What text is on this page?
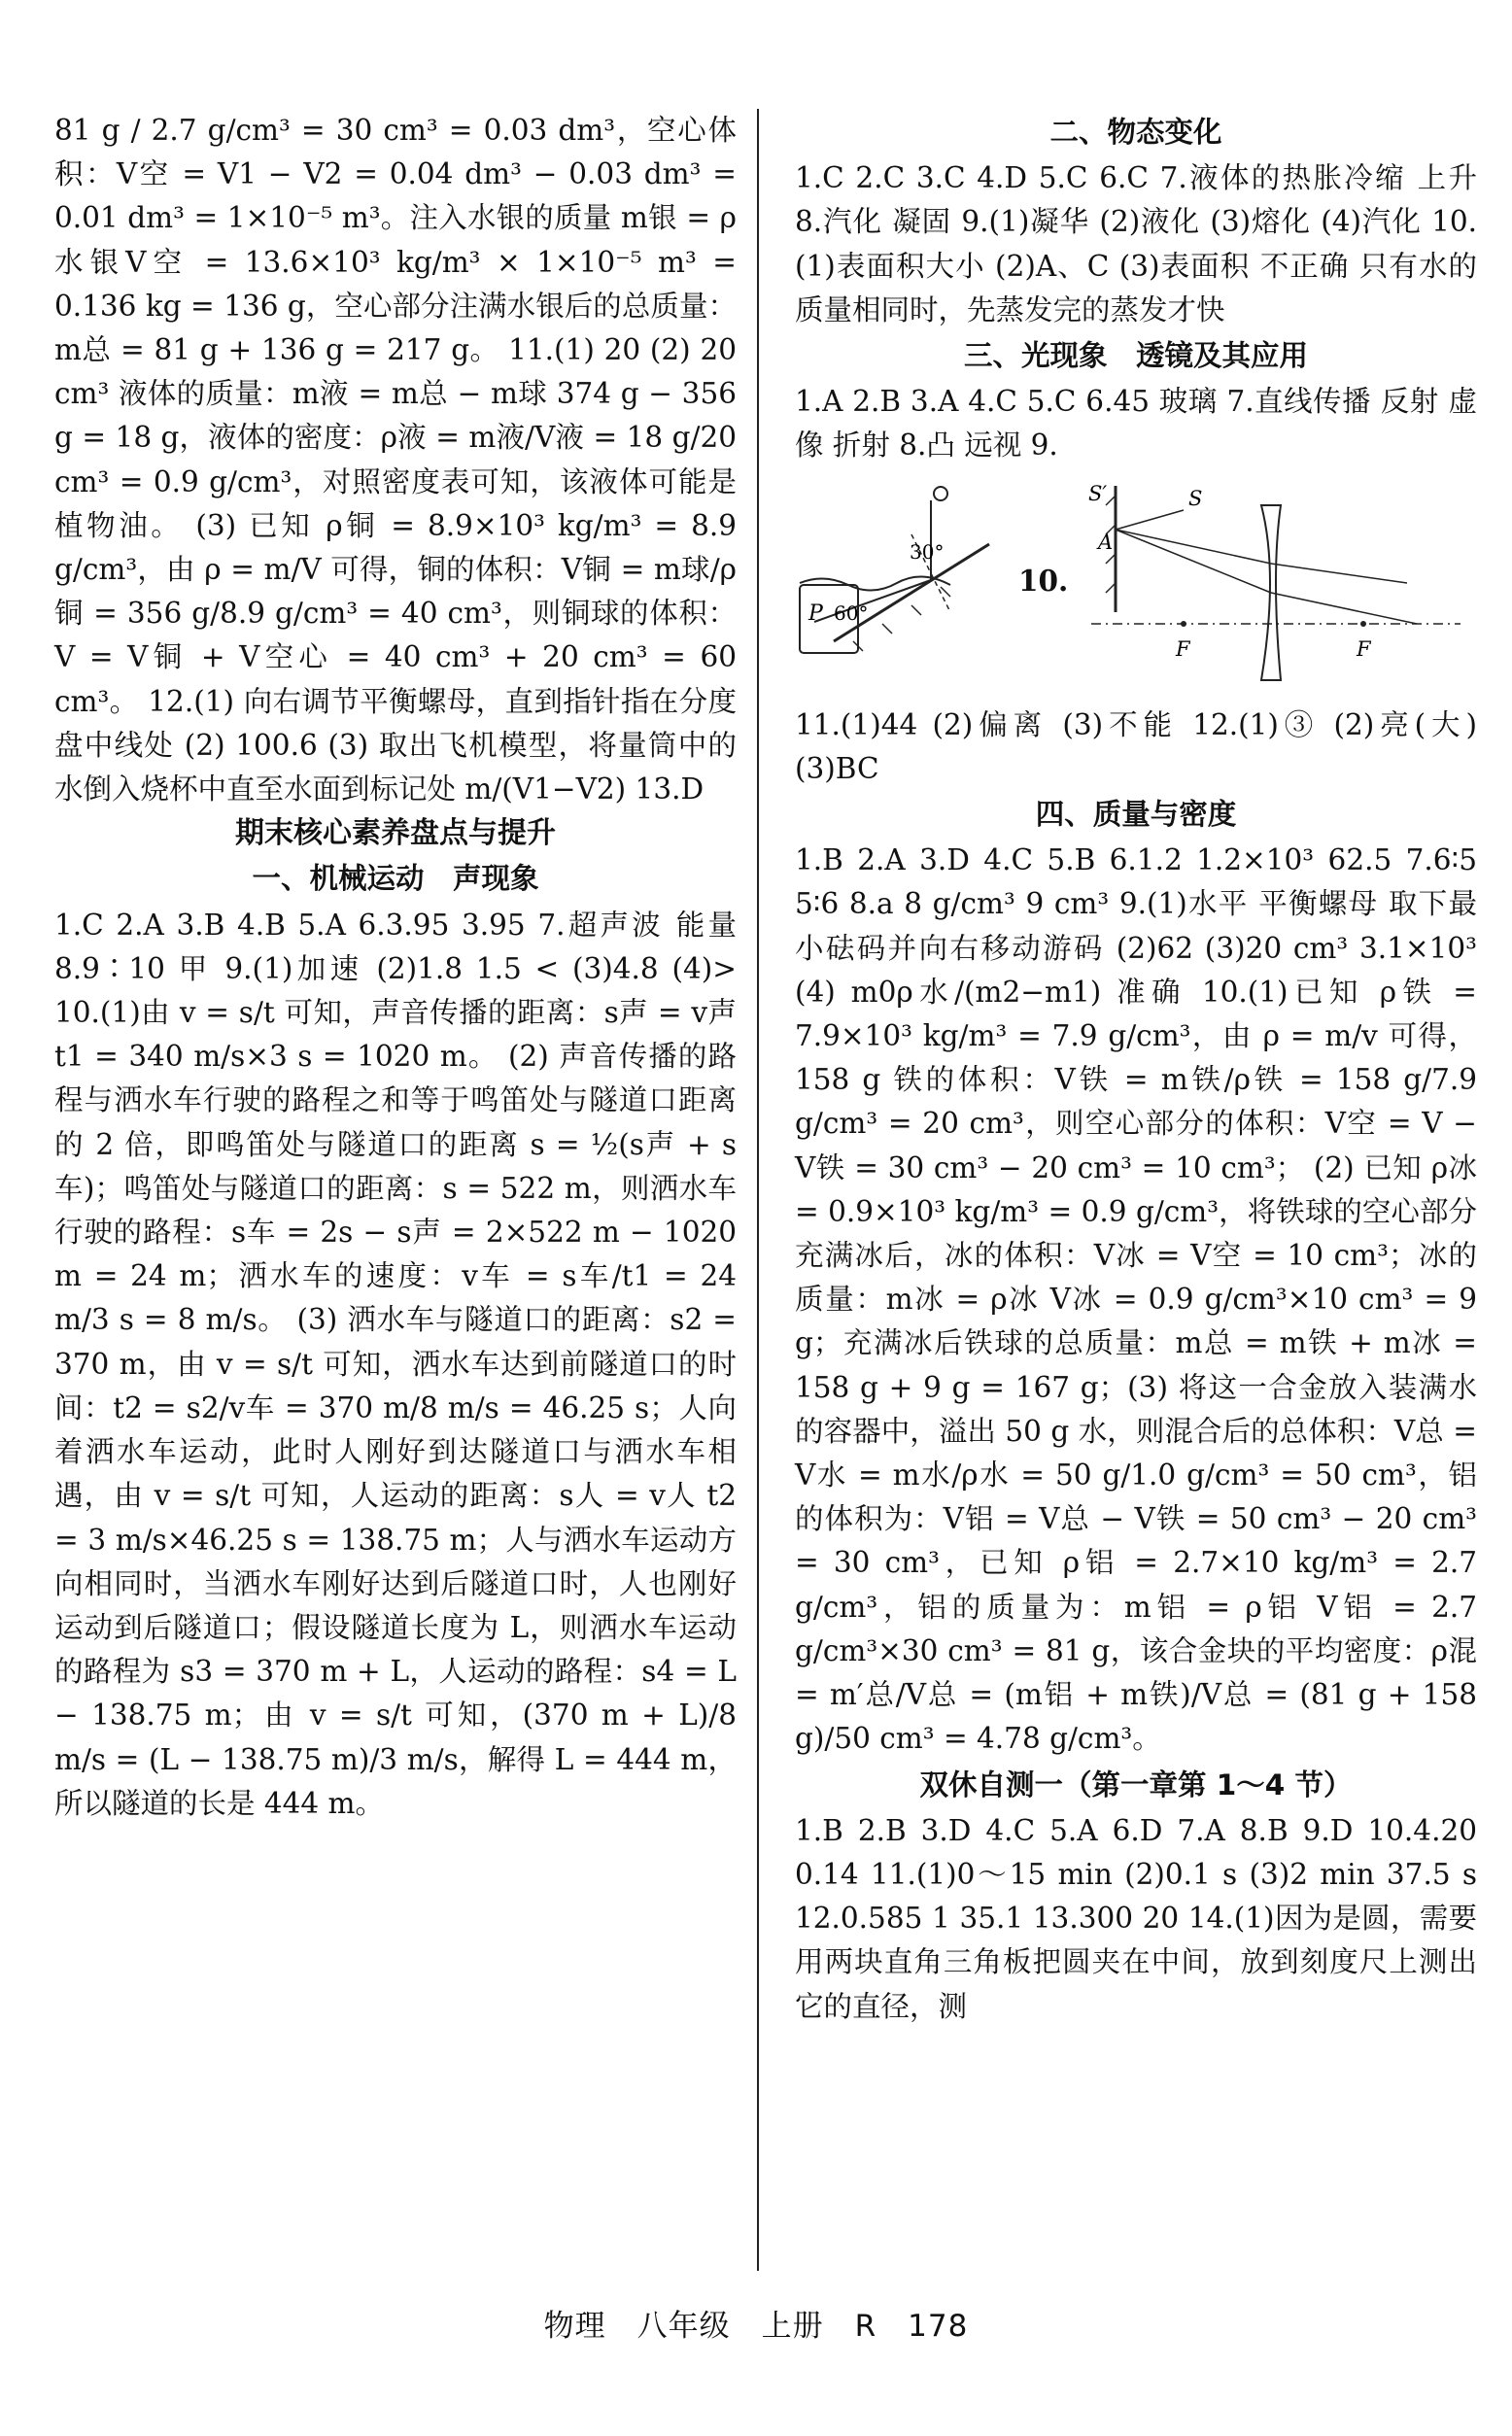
81 g / 2.7 g/cm³ = 30 cm³ = 0.03 dm³，空心体积：V空 = V1 − V2 = 0.04 dm³ − 0.03 dm³ = 0.01 dm³ = 1×10⁻⁵ m³。注入水银的质量 m银 = ρ水银V空 = 13.6×10³ kg/m³ × 1×10⁻⁵ m³ = 0.136 kg = 136 g，空心部分注满水银后的总质量：m总 = 81 g + 136 g = 217 g。 11.(1) 20 (2) 20 cm³ 液体的质量：m液 = m总 − m球 374 g − 356 g = 18 g，液体的密度：ρ液 = m液/V液 = 18 g/20 cm³ = 0.9 g/cm³，对照密度表可知，该液体可能是植物油。 (3) 已知 ρ铜 = 8.9×10³ kg/m³ = 8.9 g/cm³，由 ρ = m/V 可得，铜的体积：V铜 = m球/ρ铜 = 356 g/8.9 g/cm³ = 40 cm³，则铜球的体积：V = V铜 + V空心 = 40 cm³ + 20 cm³ = 60 cm³。 12.(1) 向右调节平衡螺母，直到指针指在分度盘中线处 (2) 100.6 (3) 取出飞机模型，将量筒中的水倒入烧杯中直至水面到标记处 m/(V1−V2) 13.D

期末核心素养盘点与提升
一、机械运动　声现象

1.C 2.A 3.B 4.B 5.A 6.3.95 3.95 7.超声波 能量 8.9∶10 甲 9.(1)加速 (2)1.8 1.5 < (3)4.8 (4)> 10.(1)由 v = s/t 可知，声音传播的距离：s声 = v声 t1 = 340 m/s×3 s = 1020 m。 (2) 声音传播的路程与洒水车行驶的路程之和等于鸣笛处与隧道口距离的 2 倍，即鸣笛处与隧道口的距离 s = ½(s声 + s车)；鸣笛处与隧道口的距离：s = 522 m，则洒水车行驶的路程：s车 = 2s − s声 = 2×522 m − 1020 m = 24 m；洒水车的速度：v车 = s车/t1 = 24 m/3 s = 8 m/s。 (3) 洒水车与隧道口的距离：s2 = 370 m，由 v = s/t 可知，洒水车达到前隧道口的时间：t2 = s2/v车 = 370 m/8 m/s = 46.25 s；人向着洒水车运动，此时人刚好到达隧道口与洒水车相遇，由 v = s/t 可知，人运动的距离：s人 = v人 t2 = 3 m/s×46.25 s = 138.75 m；人与洒水车运动方向相同时，当洒水车刚好达到后隧道口时，人也刚好运动到后隧道口；假设隧道长度为 L，则洒水车运动的路程为 s3 = 370 m + L，人运动的路程：s4 = L − 138.75 m；由 v = s/t 可知，(370 m + L)/8 m/s = (L − 138.75 m)/3 m/s，解得 L = 444 m，所以隧道的长是 444 m。

二、物态变化

1.C 2.C 3.C 4.D 5.C 6.C 7.液体的热胀冷缩 上升 8.汽化 凝固 9.(1)凝华 (2)液化 (3)熔化 (4)汽化 10.(1)表面积大小 (2)A、C (3)表面积 不正确 只有水的质量相同时，先蒸发完的蒸发才快

三、光现象　透镜及其应用

1.A 2.B 3.A 4.C 5.C 6.45 玻璃 7.直线传播 反射 虚像 折射 8.凸 远视 9.

P 60°
30°
10.
S′	S
A
F	F

11.(1)44 (2)偏离 (3)不能 12.(1)③ (2)亮(大) (3)BC

四、质量与密度

1.B 2.A 3.D 4.C 5.B 6.1.2 1.2×10³ 62.5 7.6∶5 5∶6 8.a 8 g/cm³ 9 cm³ 9.(1)水平 平衡螺母 取下最小砝码并向右移动游码 (2)62 (3)20 cm³ 3.1×10³ (4) m0ρ水/(m2−m1) 准确 10.(1)已知 ρ铁 = 7.9×10³ kg/m³ = 7.9 g/cm³，由 ρ = m/v 可得，158 g 铁的体积：V铁 = m铁/ρ铁 = 158 g/7.9 g/cm³ = 20 cm³，则空心部分的体积：V空 = V − V铁 = 30 cm³ − 20 cm³ = 10 cm³； (2) 已知 ρ冰 = 0.9×10³ kg/m³ = 0.9 g/cm³，将铁球的空心部分充满冰后，冰的体积：V冰 = V空 = 10 cm³；冰的质量：m冰 = ρ冰 V冰 = 0.9 g/cm³×10 cm³ = 9 g；充满冰后铁球的总质量：m总 = m铁 + m冰 = 158 g + 9 g = 167 g；(3) 将这一合金放入装满水的容器中，溢出 50 g 水，则混合后的总体积：V总 = V水 = m水/ρ水 = 50 g/1.0 g/cm³ = 50 cm³，铝的体积为：V铝 = V总 − V铁 = 50 cm³ − 20 cm³ = 30 cm³，已知 ρ铝 = 2.7×10 kg/m³ = 2.7 g/cm³，铝的质量为：m铝 = ρ铝 V铝 = 2.7 g/cm³×30 cm³ = 81 g，该合金块的平均密度：ρ混 = m′总/V总 = (m铝 + m铁)/V总 = (81 g + 158 g)/50 cm³ = 4.78 g/cm³。

双休自测一（第一章第 1～4 节）

1.B 2.B 3.D 4.C 5.A 6.D 7.A 8.B 9.D 10.4.20 0.14 11.(1)0～15 min (2)0.1 s (3)2 min 37.5 s 12.0.585 1 35.1 13.300 20 14.(1)因为是圆，需要用两块直角三角板把圆夹在中间，放到刻度尺上测出它的直径，测

物理　八年级　上册　R　178
